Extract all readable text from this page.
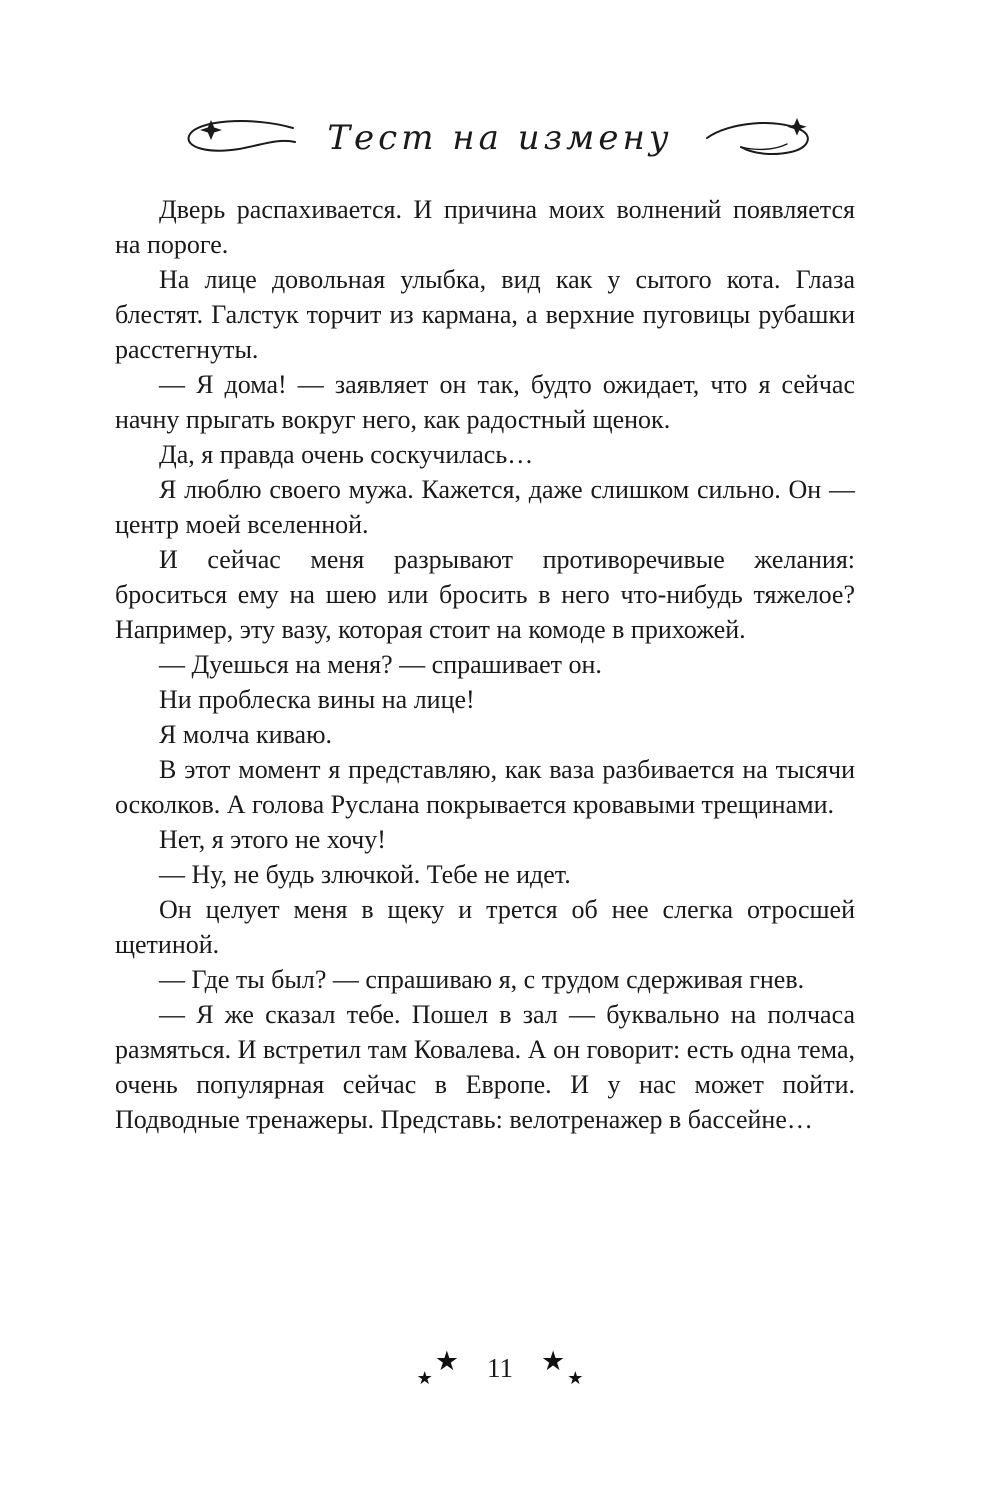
Тест на измену

Дверь распахивается. И причина моих волнений появляется на пороге.

На лице довольная улыбка, вид как у сытого кота. Глаза блестят. Галстук торчит из кармана, а верхние пуговицы рубашки расстегнуты.

— Я дома! — заявляет он так, будто ожидает, что я сейчас начну прыгать вокруг него, как радостный щенок.

Да, я правда очень соскучилась…

Я люблю своего мужа. Кажется, даже слишком сильно. Он — центр моей вселенной.

И сейчас меня разрывают противоречивые желания: броситься ему на шею или бросить в него что-нибудь тяжелое? Например, эту вазу, которая стоит на комоде в прихожей.

— Дуешься на меня? — спрашивает он.

Ни проблеска вины на лице!

Я молча киваю.

В этот момент я представляю, как ваза разбивается на тысячи осколков. А голова Руслана покрывается кровавыми трещинами.

Нет, я этого не хочу!

— Ну, не будь злючкой. Тебе не идет.

Он целует меня в щеку и трется об нее слегка отросшей щетиной.

— Где ты был? — спрашиваю я, с трудом сдерживая гнев.

— Я же сказал тебе. Пошел в зал — буквально на полчаса размяться. И встретил там Ковалева. А он говорит: есть одна тема, очень популярная сейчас в Европе. И у нас может пойти. Подводные тренажеры. Представь: велотренажер в бассейне…

★
★ 11 ★
★
